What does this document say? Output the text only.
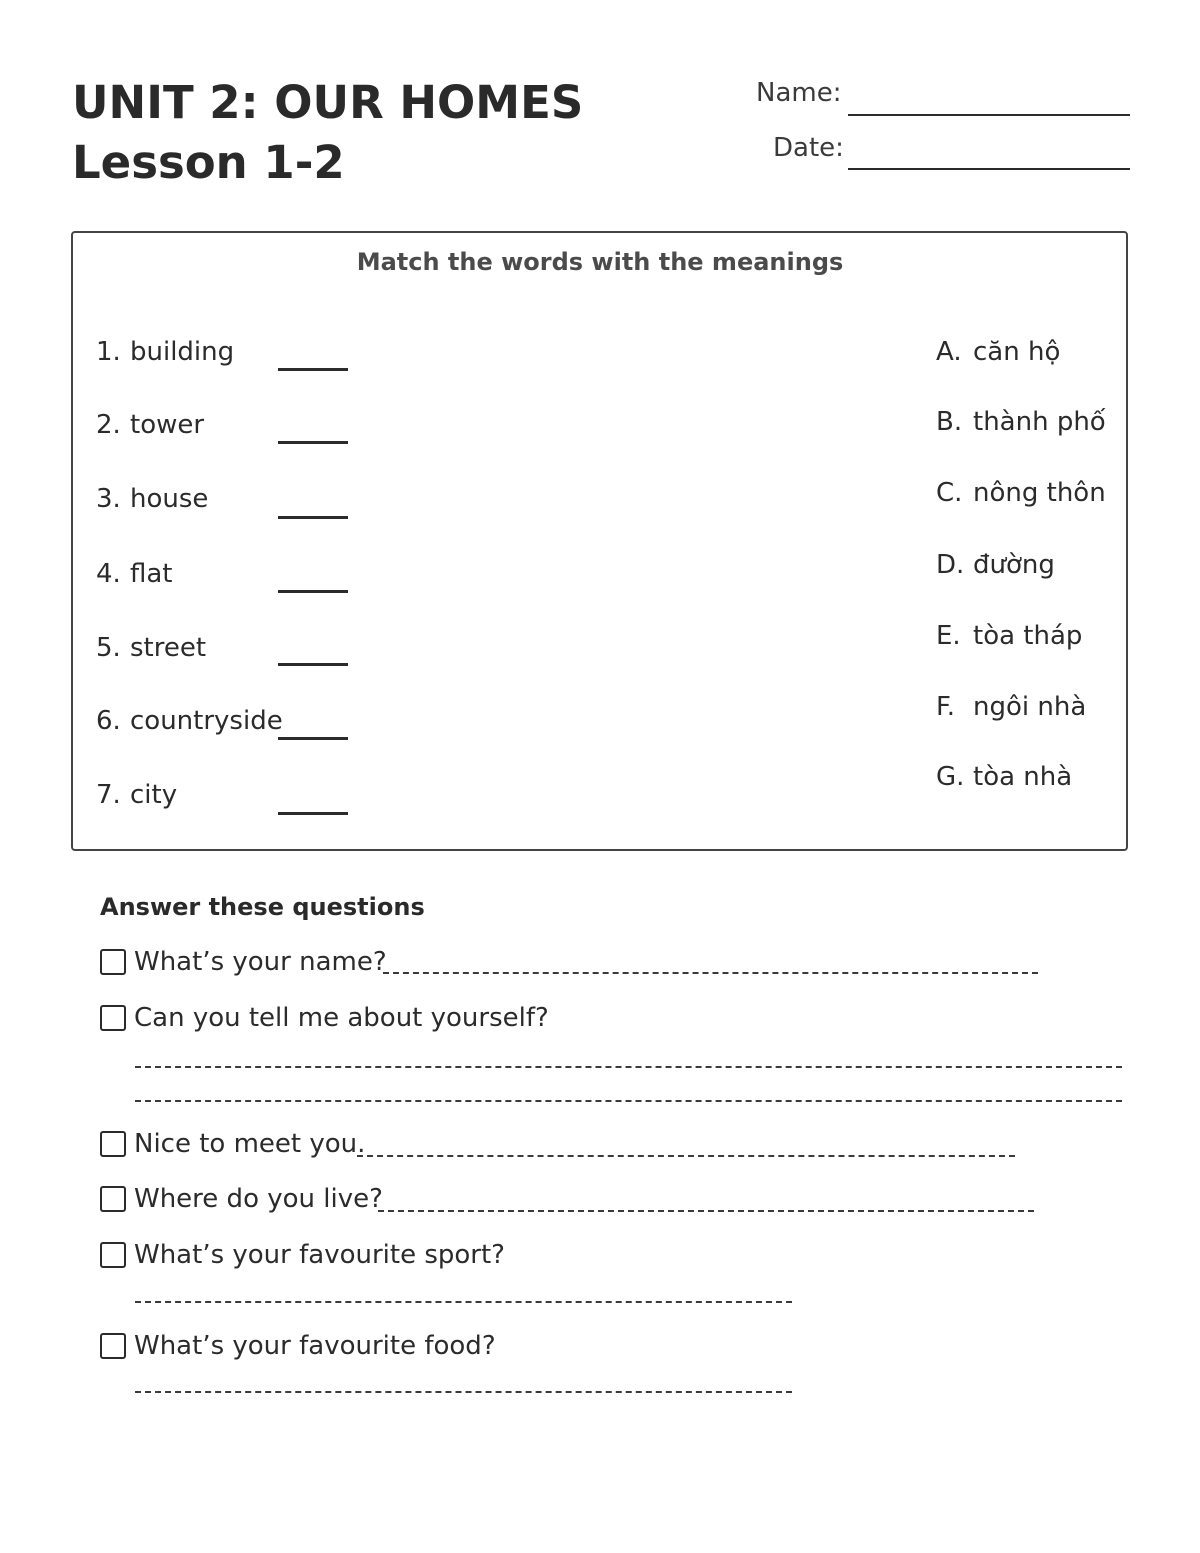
UNIT 2: OUR HOMES
Lesson 1-2
Name:
Date:
Match the words with the meanings
1. building
2. tower
3. house
4. flat
5. street
6. countryside
7. city
A. căn hộ
B. thành phố
C. nông thôn
D. đường
E. tòa tháp
F. ngôi nhà
G. tòa nhà
Answer these questions
What’s your name?
Can you tell me about yourself?
Nice to meet you.
Where do you live?
What’s your favourite sport?
What’s your favourite food?
